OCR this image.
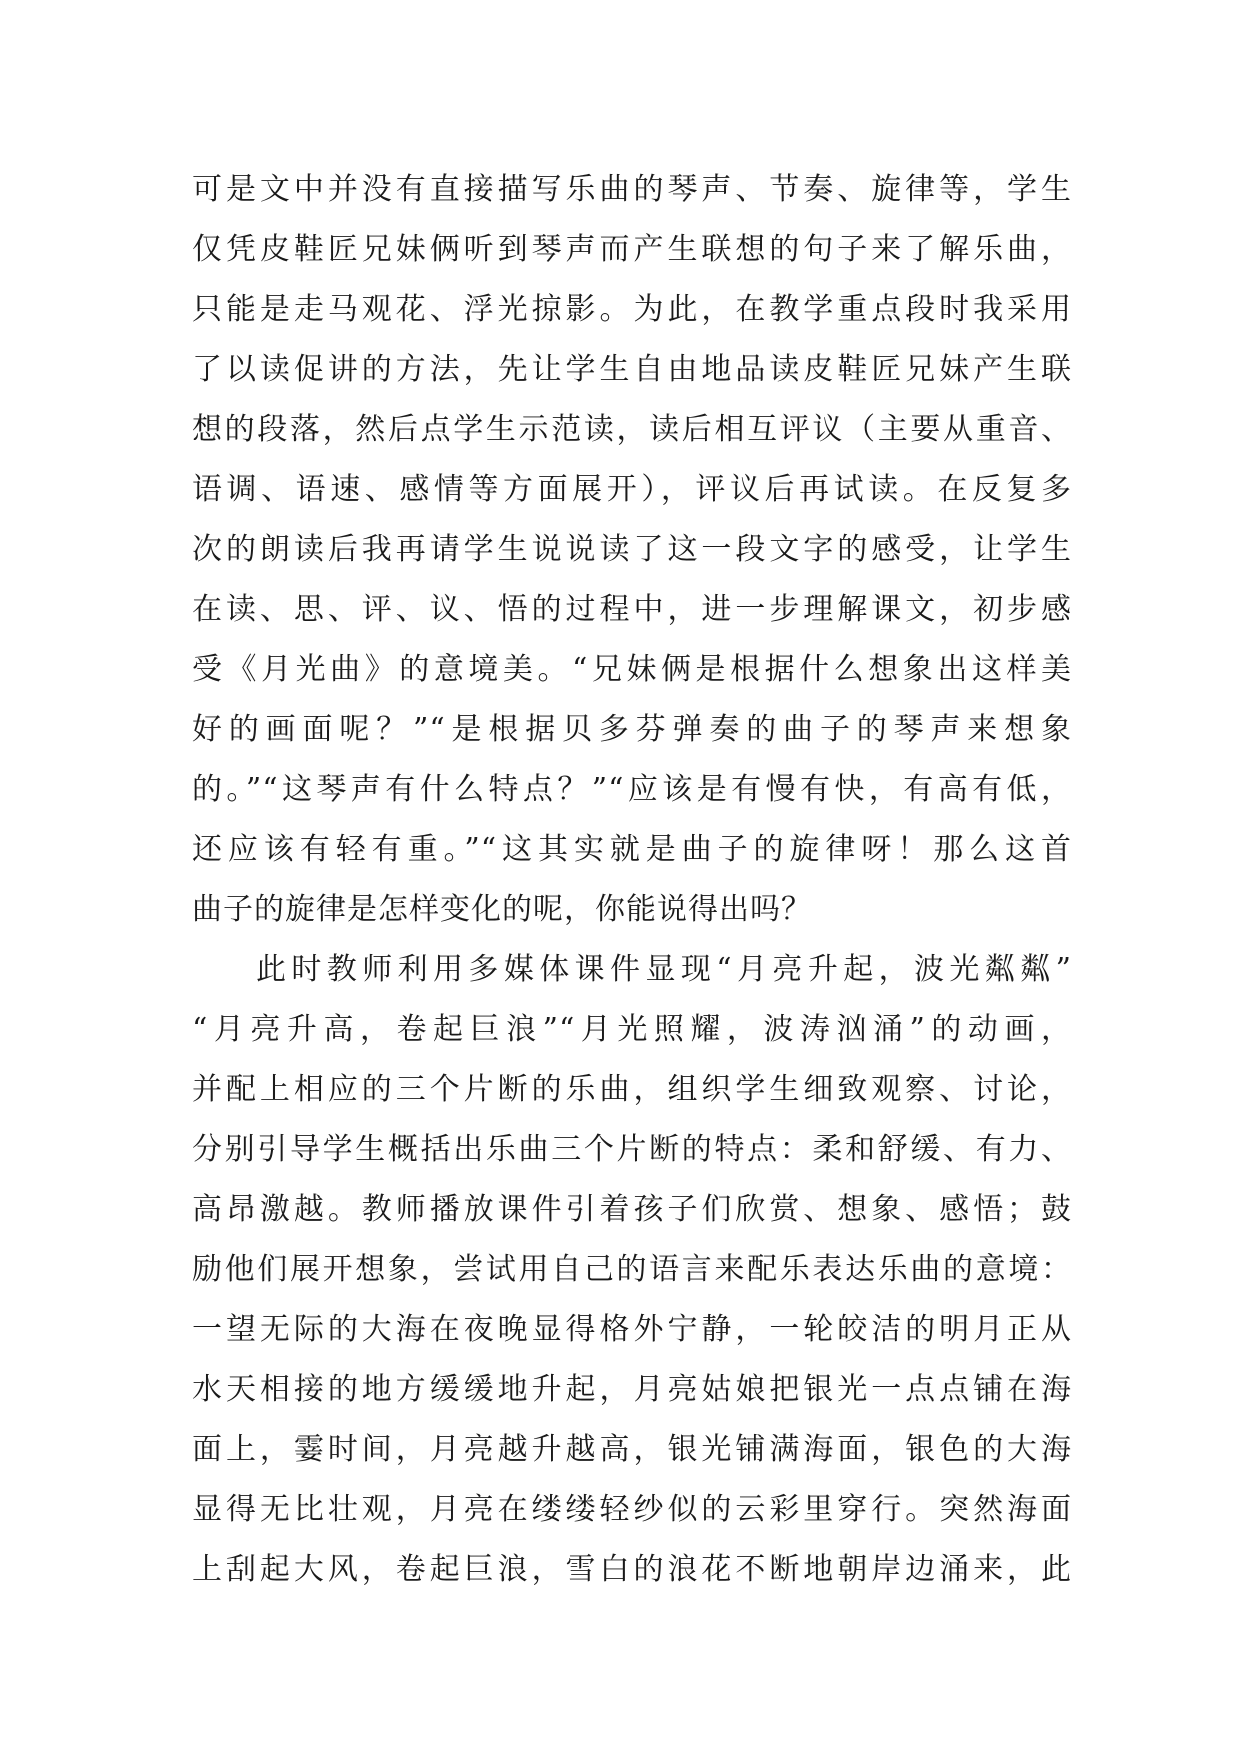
可是文中并没有直接描写乐曲的琴声、节奏、旋律等，学生
仅凭皮鞋匠兄妹俩听到琴声而产生联想的句子来了解乐曲，
只能是走马观花、浮光掠影。为此，在教学重点段时我采用
了以读促讲的方法，先让学生自由地品读皮鞋匠兄妹产生联
想的段落，然后点学生示范读，读后相互评议（主要从重音、
语调、语速、感情等方面展开），评议后再试读。在反复多
次的朗读后我再请学生说说读了这一段文字的感受，让学生
在读、思、评、议、悟的过程中，进一步理解课文，初步感
受《月光曲》的意境美。“兄妹俩是根据什么想象出这样美
好的画面呢？”“是根据贝多芬弹奏的曲子的琴声来想象
的。”“这琴声有什么特点？”“应该是有慢有快，有高有低，
还应该有轻有重。”“这其实就是曲子的旋律呀！那么这首
曲子的旋律是怎样变化的呢，你能说得出吗？
此时教师利用多媒体课件显现“月亮升起，波光粼粼”
“月亮升高，卷起巨浪”“月光照耀，波涛汹涌”的动画，
并配上相应的三个片断的乐曲，组织学生细致观察、讨论，
分别引导学生概括出乐曲三个片断的特点：柔和舒缓、有力、
高昂激越。教师播放课件引着孩子们欣赏、想象、感悟；鼓
励他们展开想象，尝试用自己的语言来配乐表达乐曲的意境：
一望无际的大海在夜晚显得格外宁静，一轮皎洁的明月正从
水天相接的地方缓缓地升起，月亮姑娘把银光一点点铺在海
面上，霎时间，月亮越升越高，银光铺满海面，银色的大海
显得无比壮观，月亮在缕缕轻纱似的云彩里穿行。突然海面
上刮起大风，卷起巨浪，雪白的浪花不断地朝岸边涌来，此
